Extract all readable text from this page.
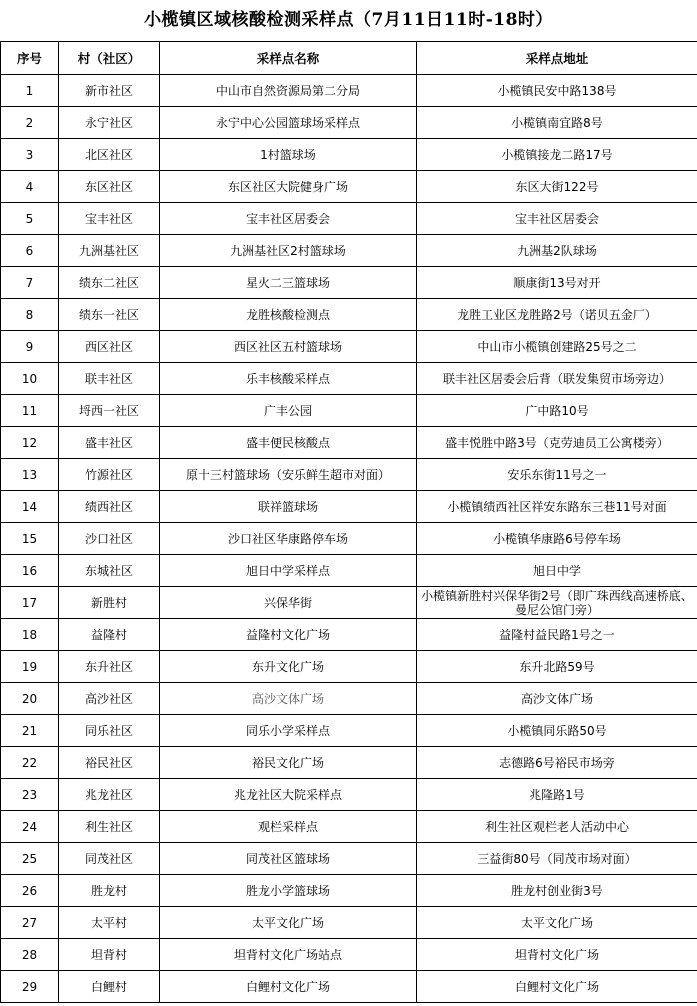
小榄镇区域核酸检测采样点（7月11日11时-18时）
序号	村（社区）	采样点名称	采样点地址
1	新市社区	中山市自然资源局第二分局	小榄镇民安中路138号
2	永宁社区	永宁中心公园篮球场采样点	小榄镇南宜路8号
3	北区社区	1村篮球场	小榄镇接龙二路17号
4	东区社区	东区社区大院健身广场	东区大街122号
5	宝丰社区	宝丰社区居委会	宝丰社区居委会
6	九洲基社区	九洲基社区2村篮球场	九洲基2队球场
7	绩东二社区	星火二三篮球场	顺康街13号对开
8	绩东一社区	龙胜核酸检测点	龙胜工业区龙胜路2号（诺贝五金厂）
9	西区社区	西区社区五村篮球场	中山市小榄镇创建路25号之二
10	联丰社区	乐丰核酸采样点	联丰社区居委会后背（联发集贸市场旁边）
11	埒西一社区	广丰公园	广中路10号
12	盛丰社区	盛丰便民核酸点	盛丰悦胜中路3号（克劳迪员工公寓楼旁）
13	竹源社区	原十三村篮球场（安乐鲜生超市对面）	安乐东街11号之一
14	绩西社区	联祥篮球场	小榄镇绩西社区祥安东路东三巷11号对面
15	沙口社区	沙口社区华康路停车场	小榄镇华康路6号停车场
16	东城社区	旭日中学采样点	旭日中学
17	新胜村	兴保华街	小榄镇新胜村兴保华街2号（即广珠西线高速桥底、曼尼公馆门旁）
18	益隆村	益隆村文化广场	益隆村益民路1号之一
19	东升社区	东升文化广场	东升北路59号
20	高沙社区	高沙文体广场	高沙文体广场
21	同乐社区	同乐小学采样点	小榄镇同乐路50号
22	裕民社区	裕民文化广场	志德路6号裕民市场旁
23	兆龙社区	兆龙社区大院采样点	兆隆路1号
24	利生社区	观栏采样点	利生社区观栏老人活动中心
25	同茂社区	同茂社区篮球场	三益街80号（同茂市场对面）
26	胜龙村	胜龙小学篮球场	胜龙村创业街3号
27	太平村	太平文化广场	太平文化广场
28	坦背村	坦背村文化广场站点	坦背村文化广场
29	白鲤村	白鲤村文化广场	白鲤村文化广场
